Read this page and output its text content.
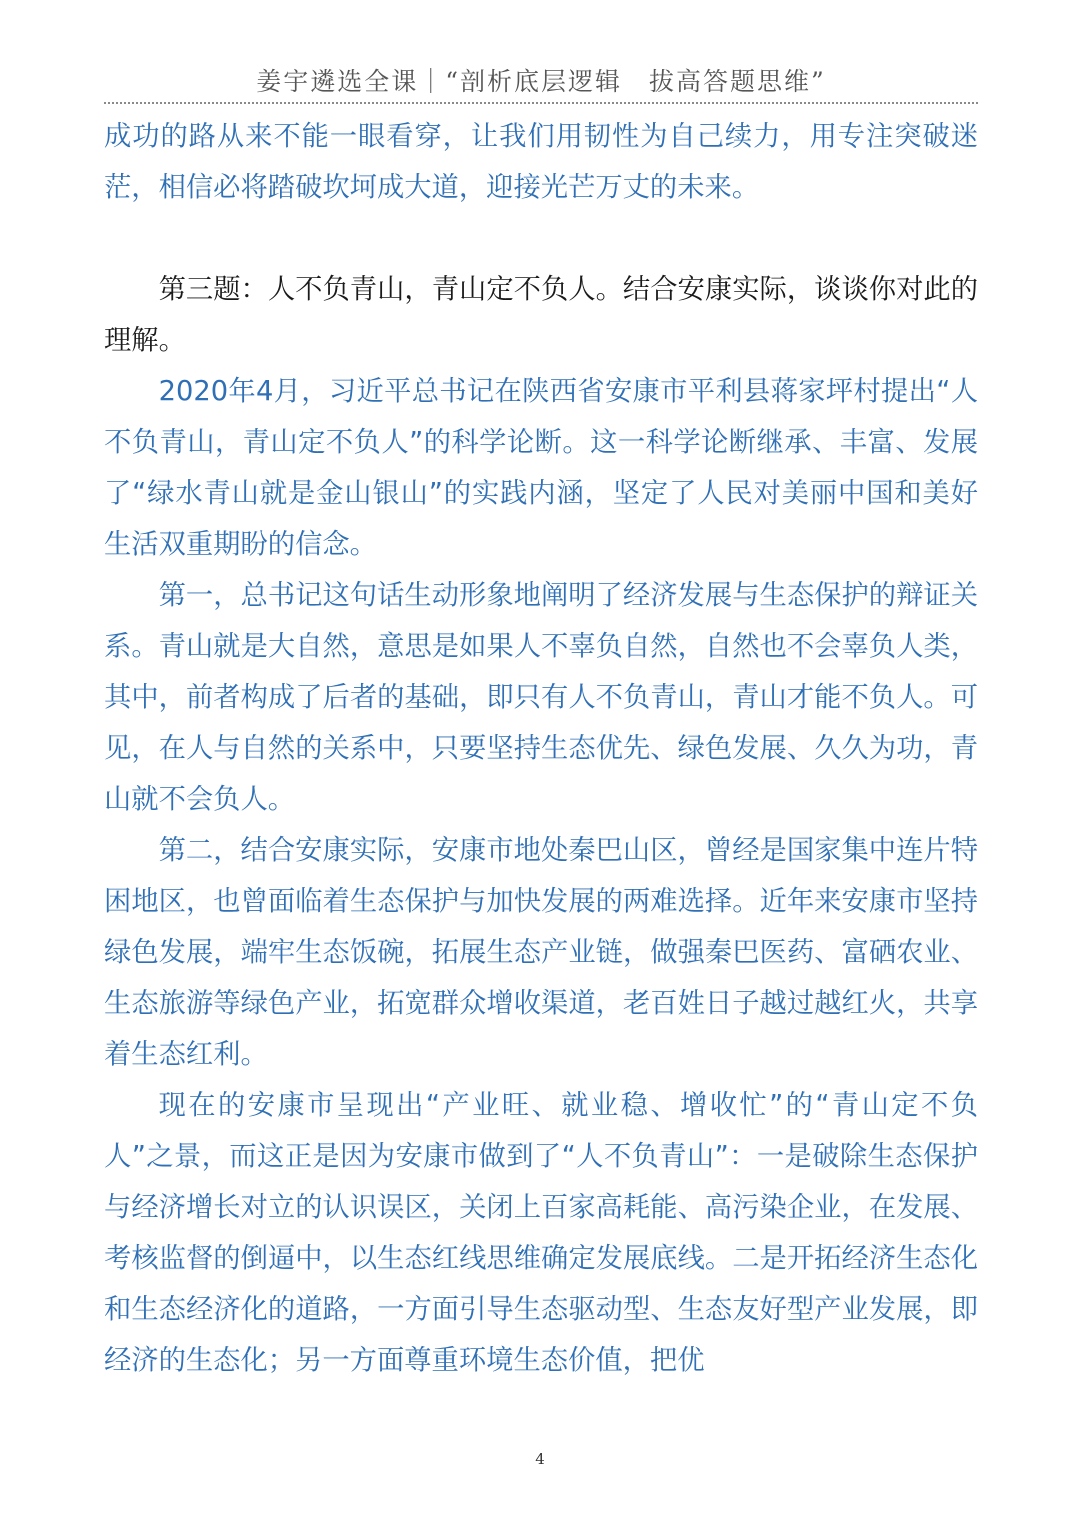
姜宇遴选全课｜“剖析底层逻辑　拔高答题思维”

成功的路从来不能一眼看穿，让我们用韧性为自己续力，用专注突破迷茫，相信必将踏破坎坷成大道，迎接光芒万丈的未来。

第三题：人不负青山，青山定不负人。结合安康实际，谈谈你对此的理解。

2020年4月，习近平总书记在陕西省安康市平利县蒋家坪村提出“人不负青山，青山定不负人”的科学论断。这一科学论断继承、丰富、发展了“绿水青山就是金山银山”的实践内涵，坚定了人民对美丽中国和美好生活双重期盼的信念。

第一，总书记这句话生动形象地阐明了经济发展与生态保护的辩证关系。青山就是大自然，意思是如果人不辜负自然，自然也不会辜负人类，其中，前者构成了后者的基础，即只有人不负青山，青山才能不负人。可见，在人与自然的关系中，只要坚持生态优先、绿色发展、久久为功，青山就不会负人。

第二，结合安康实际，安康市地处秦巴山区，曾经是国家集中连片特困地区，也曾面临着生态保护与加快发展的两难选择。近年来安康市坚持绿色发展，端牢生态饭碗，拓展生态产业链，做强秦巴医药、富硒农业、生态旅游等绿色产业，拓宽群众增收渠道，老百姓日子越过越红火，共享着生态红利。

现在的安康市呈现出“产业旺、就业稳、增收忙”的“青山定不负人”之景，而这正是因为安康市做到了“人不负青山”：一是破除生态保护与经济增长对立的认识误区，关闭上百家高耗能、高污染企业，在发展、考核监督的倒逼中，以生态红线思维确定发展底线。二是开拓经济生态化和生态经济化的道路，一方面引导生态驱动型、生态友好型产业发展，即经济的生态化；另一方面尊重环境生态价值，把优

4
